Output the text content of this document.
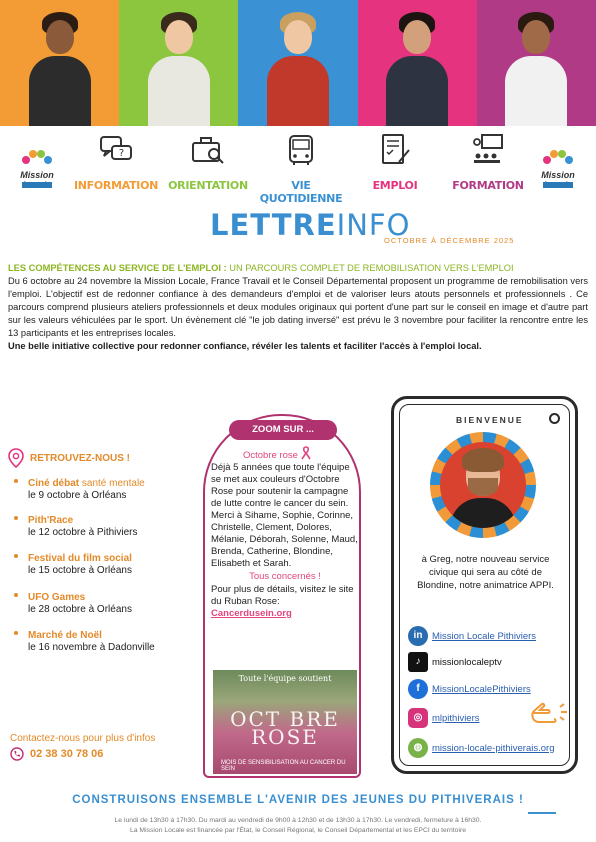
Mission	Mission
?
INFORMATION ORIENTATION	VIE QUOTIDIENNE
EMPLOI	FORMATION
LETTREINFO
OCTOBRE À DÉCEMBRE 2025
LES COMPÉTENCES AU SERVICE DE L'EMPLOI : UN PARCOURS COMPLET DE REMOBILISATION VERS L'EMPLOI
Du 6 octobre au 24 novembre la Mission Locale, France Travail et le Conseil Départemental proposent un programme de remobilisation vers l'emploi. L'objectif est de redonner confiance à des demandeurs d'emploi et de valoriser leurs atouts personnels et professionnels . Ce parcours comprend plusieurs ateliers professionnels et deux modules originaux qui portent d'une part sur le conseil en image et d'autre part sur les valeurs véhiculées par le sport. Un évènement clé "le job dating inversé" est prévu le 3 novembre pour faciliter la rencontre entre les 13 participants et les entreprises locales.
Une belle initiative collective pour redonner confiance, révéler les talents et faciliter l'accès à l'emploi local.
RETROUVEZ-NOUS !
Ciné débat santé mentale
le 9 octobre à Orléans
Pith'Race
le 12 octobre à Pithiviers
Festival du film social
le 15 octobre à Orléans
UFO Games
le 28 octobre à Orléans
Marché de Noël
le 16 novembre à Dadonville
Contactez-nous pour plus d'infos
02 38 30 78 06
ZOOM SUR ...
Octobre rose
Déjà 5 années que toute l'équipe se met aux couleurs d'Octobre Rose pour soutenir la campagne de lutte contre le cancer du sein.
Merci à Sihame, Sophie, Corinne, Christelle, Clement, Dolores, Mélanie, Déborah, Solenne, Maud, Brenda, Catherine, Blondine, Elisabeth et Sarah.
Tous concernés !
Pour plus de détails, visitez le site du Ruban Rose:
Cancerdusein.org
Toute l'équipe soutient
OCT BRE
ROSE
MOIS DE SENSIBILISATION AU CANCER DU SEIN
BIENVENUE
à Greg, notre nouveau service civique qui sera au côté de Blondine, notre animatrice APPI.
in	Mission Locale Pithiviers
♪	missionlocaleptv
f	MissionLocalePithiviers
◎	mlpithiviers
◍	mission-locale-pithiverais.org
CONSTRUISONS ENSEMBLE L'AVENIR DES JEUNES DU PITHIVERAIS !
Le lundi de 13h30 à 17h30. Du mardi au vendredi de 9h00 à 12h30 et de 13h30 à 17h30. Le vendredi, fermeture à 16h30.
La Mission Locale est financée par l'État, le Conseil Régional, le Conseil Départemental et les EPCI du territoire
